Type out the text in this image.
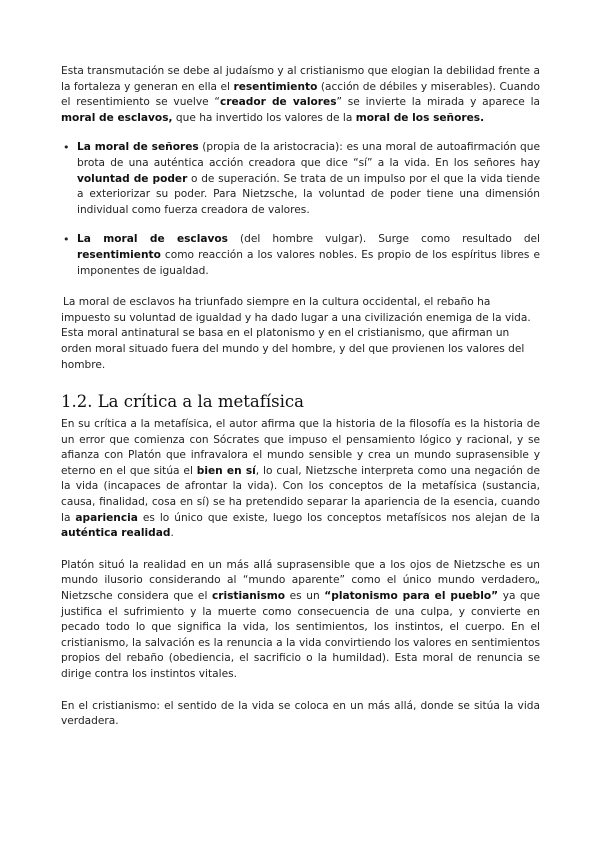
Esta transmutación se debe al judaísmo y al cristianismo que elogian la debilidad frente a la fortaleza y generan en ella el resentimiento (acción de débiles y miserables). Cuando el resentimiento se vuelve “creador de valores” se invierte la mirada y aparece la moral de esclavos, que ha invertido los valores de la moral de los señores.

• La moral de señores (propia de la aristocracia): es una moral de autoafirmación que brota de una auténtica acción creadora que dice “sí” a la vida. En los señores hay voluntad de poder o de superación. Se trata de un impulso por el que la vida tiende a exteriorizar su poder. Para Nietzsche, la voluntad de poder tiene una dimensión individual como fuerza creadora de valores.
• La moral de esclavos (del hombre vulgar). Surge como resultado del resentimiento como reacción a los valores nobles. Es propio de los espíritus libres e imponentes de igualdad.

La moral de esclavos ha triunfado siempre en la cultura occidental, el rebaño ha impuesto su voluntad de igualdad y ha dado lugar a una civilización enemiga de la vida. Esta moral antinatural se basa en el platonismo y en el cristianismo, que afirman un orden moral situado fuera del mundo y del hombre, y del que provienen los valores del hombre.

1.2. La crítica a la metafísica

En su crítica a la metafísica, el autor afirma que la historia de la filosofía es la historia de un error que comienza con Sócrates que impuso el pensamiento lógico y racional, y se afianza con Platón que infravalora el mundo sensible y crea un mundo suprasensible y eterno en el que sitúa el bien en sí, lo cual, Nietzsche interpreta como una negación de la vida (incapaces de afrontar la vida). Con los conceptos de la metafísica (sustancia, causa, finalidad, cosa en sí) se ha pretendido separar la apariencia de la esencia, cuando la apariencia es lo único que existe, luego los conceptos metafísicos nos alejan de la auténtica realidad.

Platón situó la realidad en un más allá suprasensible que a los ojos de Nietzsche es un mundo ilusorio considerando al “mundo aparente” como el único mundo verdadero„ Nietzsche considera que el cristianismo es un “platonismo para el pueblo” ya que justifica el sufrimiento y la muerte como consecuencia de una culpa, y convierte en pecado todo lo que significa la vida, los sentimientos, los instintos, el cuerpo. En el cristianismo, la salvación es la renuncia a la vida convirtiendo los valores en sentimientos propios del rebaño (obediencia, el sacrificio o la humildad). Esta moral de renuncia se dirige contra los instintos vitales.

En el cristianismo: el sentido de la vida se coloca en un más allá, donde se sitúa la vida verdadera.
